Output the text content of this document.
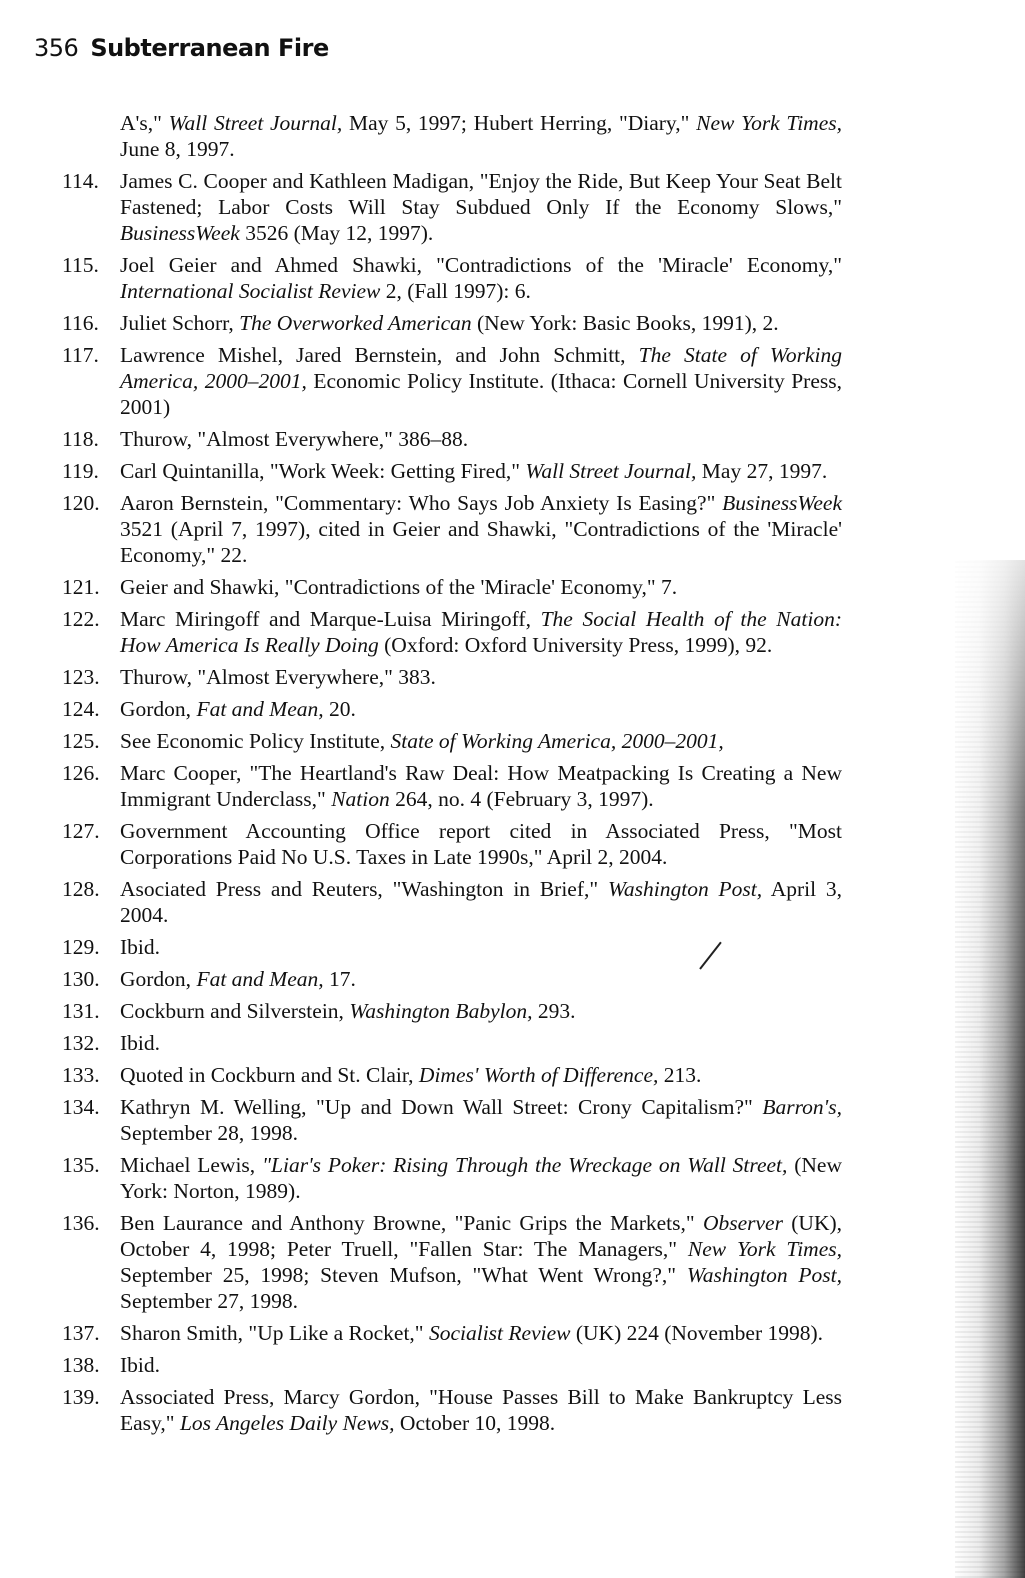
356 Subterranean Fire
A's," Wall Street Journal, May 5, 1997; Hubert Herring, "Diary," New York Times, June 8, 1997.
114. James C. Cooper and Kathleen Madigan, "Enjoy the Ride, But Keep Your Seat Belt Fastened; Labor Costs Will Stay Subdued Only If the Economy Slows," BusinessWeek 3526 (May 12, 1997).
115. Joel Geier and Ahmed Shawki, "Contradictions of the 'Miracle' Economy," International Socialist Review 2, (Fall 1997): 6.
116. Juliet Schorr, The Overworked American (New York: Basic Books, 1991), 2.
117. Lawrence Mishel, Jared Bernstein, and John Schmitt, The State of Working America, 2000–2001, Economic Policy Institute. (Ithaca: Cornell University Press, 2001)
118. Thurow, "Almost Everywhere," 386–88.
119. Carl Quintanilla, "Work Week: Getting Fired," Wall Street Journal, May 27, 1997.
120. Aaron Bernstein, "Commentary: Who Says Job Anxiety Is Easing?" BusinessWeek 3521 (April 7, 1997), cited in Geier and Shawki, "Contradictions of the 'Miracle' Economy," 22.
121. Geier and Shawki, "Contradictions of the 'Miracle' Economy," 7.
122. Marc Miringoff and Marque-Luisa Miringoff, The Social Health of the Nation: How America Is Really Doing (Oxford: Oxford University Press, 1999), 92.
123. Thurow, "Almost Everywhere," 383.
124. Gordon, Fat and Mean, 20.
125. See Economic Policy Institute, State of Working America, 2000–2001,
126. Marc Cooper, "The Heartland's Raw Deal: How Meatpacking Is Creating a New Immigrant Underclass," Nation 264, no. 4 (February 3, 1997).
127. Government Accounting Office report cited in Associated Press, "Most Corporations Paid No U.S. Taxes in Late 1990s," April 2, 2004.
128. Asociated Press and Reuters, "Washington in Brief," Washington Post, April 3, 2004.
129. Ibid.
130. Gordon, Fat and Mean, 17.
131. Cockburn and Silverstein, Washington Babylon, 293.
132. Ibid.
133. Quoted in Cockburn and St. Clair, Dimes' Worth of Difference, 213.
134. Kathryn M. Welling, "Up and Down Wall Street: Crony Capitalism?" Barron's, September 28, 1998.
135. Michael Lewis, "Liar's Poker: Rising Through the Wreckage on Wall Street, (New York: Norton, 1989).
136. Ben Laurance and Anthony Browne, "Panic Grips the Markets," Observer (UK), October 4, 1998; Peter Truell, "Fallen Star: The Managers," New York Times, September 25, 1998; Steven Mufson, "What Went Wrong?," Washington Post, September 27, 1998.
137. Sharon Smith, "Up Like a Rocket," Socialist Review (UK) 224 (November 1998).
138. Ibid.
139. Associated Press, Marcy Gordon, "House Passes Bill to Make Bankruptcy Less Easy," Los Angeles Daily News, October 10, 1998.
